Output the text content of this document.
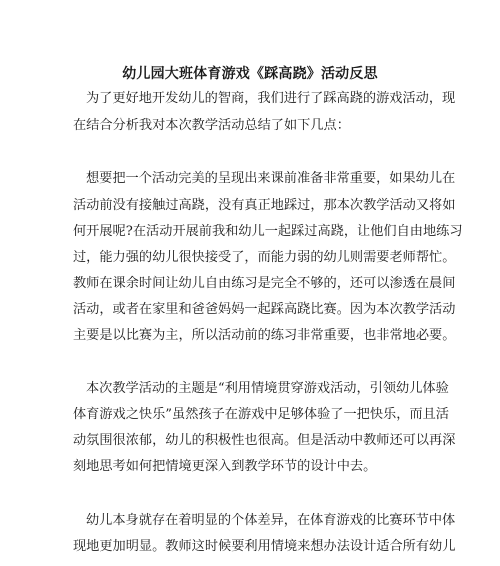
幼儿园大班体育游戏《踩高跷》活动反思
为了更好地开发幼儿的智商，我们进行了踩高跷的游戏活动，现
在结合分析我对本次教学活动总结了如下几点：
想要把一个活动完美的呈现出来课前准备非常重要，如果幼儿在
活动前没有接触过高跷，没有真正地踩过，那本次教学活动又将如
何开展呢?在活动开展前我和幼儿一起踩过高跷，让他们自由地练习
过，能力强的幼儿很快接受了，而能力弱的幼儿则需要老师帮忙。
教师在课余时间让幼儿自由练习是完全不够的，还可以渗透在晨间
活动，或者在家里和爸爸妈妈一起踩高跷比赛。因为本次教学活动
主要是以比赛为主，所以活动前的练习非常重要，也非常地必要。
本次教学活动的主题是“利用情境贯穿游戏活动，引领幼儿体验
体育游戏之快乐”虽然孩子在游戏中足够体验了一把快乐，而且活
动氛围很浓郁，幼儿的积极性也很高。但是活动中教师还可以再深
刻地思考如何把情境更深入到教学环节的设计中去。
幼儿本身就存在着明显的个体差异，在体育游戏的比赛环节中体
现地更加明显。教师这时候要利用情境来想办法设计适合所有幼儿
